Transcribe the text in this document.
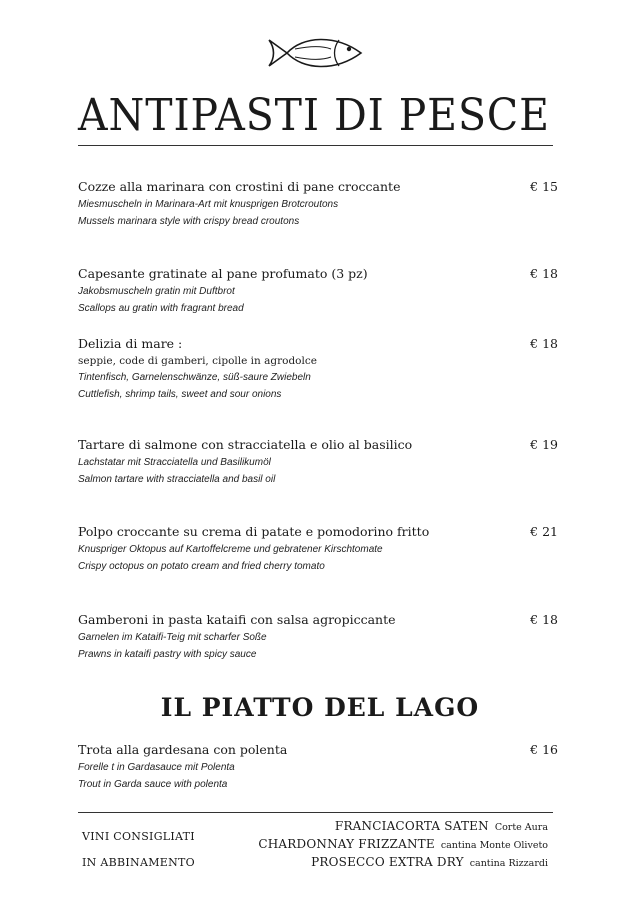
ANTIPASTI DI PESCE
Cozze alla marinara con crostini di pane croccante
Miesmuscheln in Marinara-Art mit knusprigen Brotcroutons
Mussels marinara style with crispy bread croutons
€ 15
Capesante gratinate al pane profumato (3 pz)
Jakobsmuscheln gratin mit Duftbrot
Scallops au gratin with fragrant bread
€ 18
Delizia di mare :
seppie, code di gamberi, cipolle in agrodolce
Tintenfisch, Garnelenschwänze, süß-saure Zwiebeln
Cuttlefish, shrimp tails, sweet and sour onions
€ 18
Tartare di salmone con stracciatella e olio al basilico
Lachstatar mit Stracciatella und Basilikumöl
Salmon tartare with stracciatella and basil oil
€ 19
Polpo croccante su crema di patate e pomodorino fritto
Knuspriger Oktopus auf Kartoffelcreme und gebratener Kirschtomate
Crispy octopus on potato cream and fried cherry tomato
€ 21
Gamberoni in pasta kataifi con salsa agropiccante
Garnelen im Kataifi-Teig mit scharfer Soße
Prawns in kataifi pastry with spicy sauce
€ 18
IL PIATTO DEL LAGO
Trota alla gardesana con polenta
Forelle t in Gardasauce mit Polenta
Trout in Garda sauce with polenta
€ 16
VINI CONSIGLIATI
IN ABBINAMENTO
FRANCIACORTA SATEN Corte Aura
CHARDONNAY FRIZZANTE cantina Monte Oliveto
PROSECCO EXTRA DRY cantina Rizzardi
